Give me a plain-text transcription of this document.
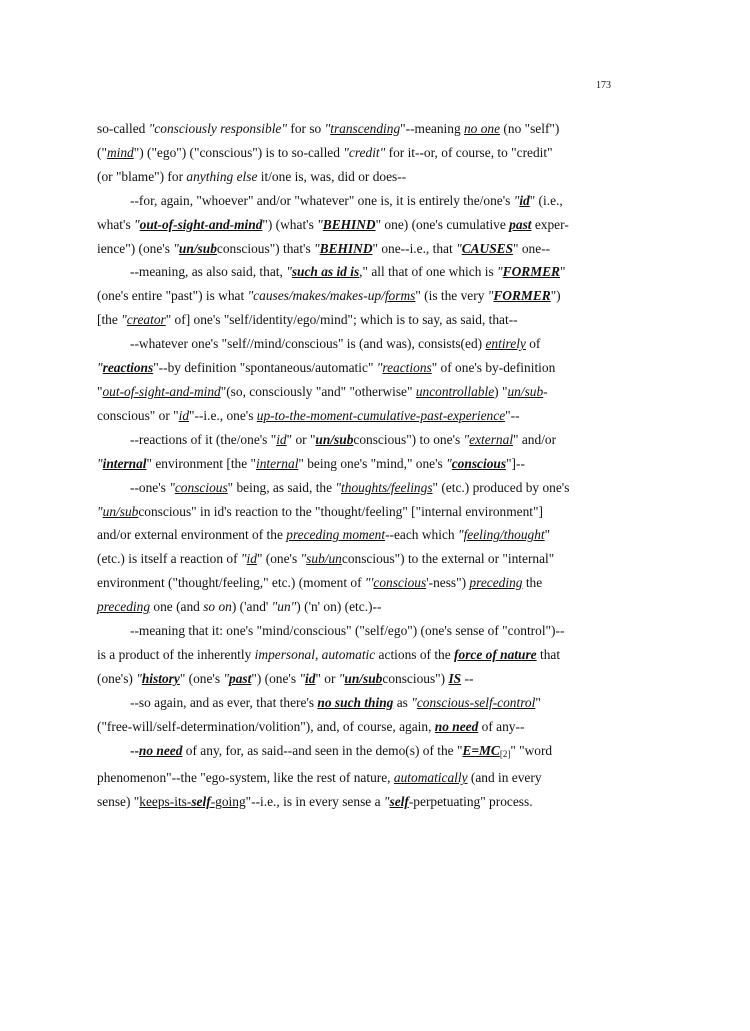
173
so-called "consciously responsible" for so "transcending"--meaning no one (no "self")
("mind") ("ego") ("conscious") is to so-called "credit" for it--or, of course, to "credit"
(or "blame") for anything else it/one is, was, did or does--
--for, again, "whoever" and/or "whatever" one is, it is entirely the/one's "id" (i.e.,
what's "out-of-sight-and-mind") (what's "BEHIND" one) (one's cumulative past exper-
ience") (one's "un/subconscious") that's "BEHIND" one--i.e., that "CAUSES" one--
--meaning, as also said, that, "such as id is," all that of one which is "FORMER"
(one's entire "past") is what "causes/makes/makes-up/forms" (is the very "FORMER")
[the "creator" of] one's "self/identity/ego/mind"; which is to say, as said, that--
--whatever one's "self//mind/conscious" is (and was), consists(ed) entirely of
"reactions"--by definition "spontaneous/automatic" "reactions" of one's by-definition
"out-of-sight-and-mind"(so, consciously "and" "otherwise" uncontrollable) "un/sub-
conscious" or "id"--i.e., one's up-to-the-moment-cumulative-past-experience"--
--reactions of it (the/one's "id" or "un/subconscious") to one's "external" and/or
"internal" environment [the "internal" being one's "mind," one's "conscious"]--
--one's "conscious" being, as said, the "thoughts/feelings" (etc.) produced by one's
"un/subconscious" in id's reaction to the "thought/feeling" ["internal environment"]
and/or external environment of the preceding moment--each which "feeling/thought"
(etc.) is itself a reaction of "id" (one's "sub/unconscious") to the external or "internal"
environment ("thought/feeling," etc.) (moment of "'conscious'-ness") preceding the
preceding one (and so on) ('and' "un") ('n' on) (etc.)--
--meaning that it: one's "mind/conscious" ("self/ego") (one's sense of "control")--
is a product of the inherently impersonal, automatic actions of the force of nature that
(one's) "history" (one's "past") (one's "id" or "un/subconscious") IS --
--so again, and as ever, that there's no such thing as "conscious-self-control"
("free-will/self-determination/volition"), and, of course, again, no need of any--
--no need of any, for, as said--and seen in the demo(s) of the "$E=MC_{[2]}$" "word
phenomenon"--the "ego-system, like the rest of nature, automatically (and in every
sense) "keeps-its-self-going"--i.e., is in every sense a "self-perpetuating" process.
